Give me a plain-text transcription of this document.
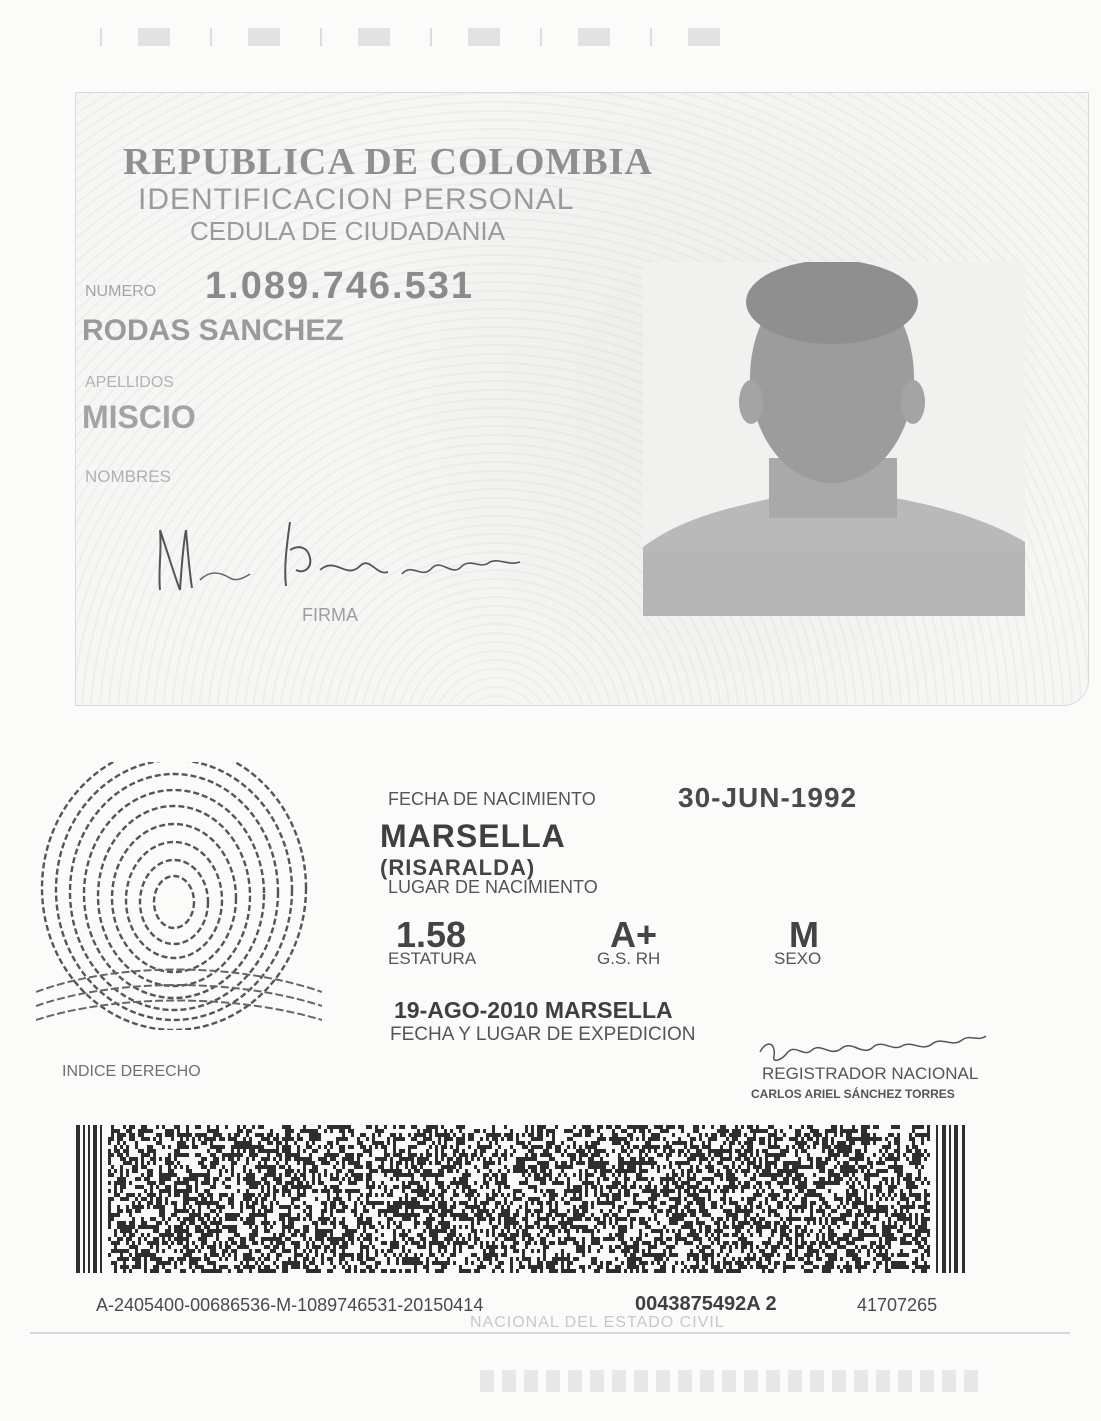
REPUBLICA DE COLOMBIA
IDENTIFICACION PERSONAL
CEDULA DE CIUDADANIA
NUMERO 1.089.746.531
RODAS SANCHEZ
APELLIDOS
MISCIO
NOMBRES
FIRMA
INDICE DERECHO
FECHA DE NACIMIENTO	30-JUN-1992
MARSELLA
(RISARALDA)
LUGAR DE NACIMIENTO
1.58
ESTATURA
A+
G.S. RH
M
SEXO
19-AGO-2010 MARSELLA
FECHA Y LUGAR DE EXPEDICION
REGISTRADOR NACIONAL
CARLOS ARIEL SÁNCHEZ TORRES
A-2405400-00686536-M-1089746531-20150414	0043875492A 2	41707265
NACIONAL DEL ESTADO CIVIL
